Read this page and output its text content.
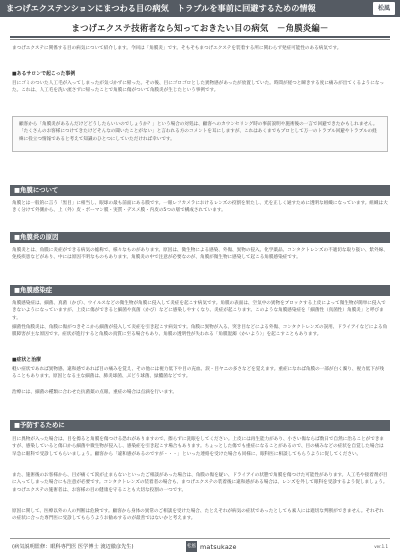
まつげエクステンションにまつわる目の病気　トラブルを事前に回避するための情報	松風
まつげエクステ技術者なら知っておきたい目の病気　－角膜炎編－
まつげエクステに関係する目の病気について紹介します。今回は「角膜炎」です。そもそもまつげエクステを装着する所に関わらず発症可能性のある病気です。
■あるサロンで起こった事例
目にゴミのついた人工毛が入ってしまったが気づかずに帰った。その後、目にゴロゴロとした異物感があったが放置していた。時間が経つと瞬きする度に痛みが出てくるようになった。これは、人工毛を洗い流さずに帰ったことで角膜に傷がついて角膜炎が生じたという事例です。
顧客から「角膜炎があるんだけどどうしたらいいのでしょうか？」という場合の対処は、顧客へのカウンセリング時の事前説明や施術後の一言で回避できたかもしれません。「たくさんのお客様につけてきたけどそんなの聞いたことがない」と言われる方のコメントを耳にしますが、これはあくまでもプロとして万一のトラブル回避やトラブルの経緯に役立つ情報であると考えて知識のひとつにしていただければ幸いです。
■角膜について
角膜とは一般的に言う「黒目」に相当し、眼球の最も前面にある膜です。一眼レフカメラにおけるレンズの役割を果たし、光を正しく通すために透明な組織になっています。組織は大きく分けて外側から、上（外）皮・ボーマン膜・実質・デスメ膜・内皮の5つの層で構成されています。
■角膜炎の原因
角膜炎とは、角膜に炎症ができる病気の総称で、様々なものがあります。原因は、微生物による感染、外傷、異物の侵入、化学薬品、コンタクトレンズの不適切な取り扱い、紫外線、免疫疾患などがあり、中には原因不明なものもあります。角膜炎の中で注意が必要なのが、角膜が微生物に感染して起こる角膜感染症です。
■角膜感染症
角膜感染症は、細菌、真菌（かび）、ウイルスなどの微生物が角膜に侵入して炎症を起こす病気です。角膜の表面は、空気中の異物をブロックする上皮によって微生物が簡単に侵入できないようになっていますが、上皮に傷ができると細菌や真菌（かび）などに感染しやすくなり、炎症が起こります。このような角膜感染症を「細菌性（真菌性）角膜炎」と呼びます。
細菌性角膜炎は、角膜に傷がつきそこから細菌が侵入して炎症を引き起こす病気です。角膜に異物が入る、突き目などによる外傷、コンタクトレンズの誤用、ドライアイなどによる角膜障害が主な原因です。症状が進行すると角膜の真質に至る場合もあり、角膜の透明性が失われる「角膜混濁（かいよう）」を起こすこともあります。
■症状と治療
軽い症状であれば異物感、違和感であれば目の痛みを覚え、その他には視力低下や目の充血、涙・目ヤニの多さなどを覚えます。重症になれば角膜の一部が白く濁り、視力低下が残ることもあります。原因となる主な細菌は、肺炎球菌、ぶどう球菌、緑膿菌などです。
治療には、細菌の種類に合わせた抗菌薬の点眼、重症の場合は点滴を行います。
■予防するために
目に異物が入った場合は、目を擦ると角膜を傷つける恐れがありますので、擦らずに洗眼をしてください。上皮には再生能力があり、小さい傷ならば数日で自然に治ることができますが、感染していると傷口から細菌や微生物が侵入し、感染症を引き起こす場合もあります。ちょっとした傷でも重症になることがあるので、目の痛みなどの症状を自覚した場合は早急に眼科で受診してもらいましょう。顧客から「違和感があるのですが・・・」といった連絡を受けた場合も同様に、眼科医に相談してもらうように促してください。
また、施術後のお客様から、目が痛くて涙が止まらないといったご相談があった場合は、角膜の傷を疑い、ドライアイの状態で角膜を傷つけた可能性があります。人工毛や接着剤が目に入ってしまった場合にも注意が必要です。コンタクトレンズの装着者の場合も、まつげエクステの装着後に違和感がある場合は、レンズを外して眼科を受診するよう促しましょう。まつげエクステの施術者は、お客様の目の健康を守ることも大切な役割の一つです。
原因に関して、医療以外の人の判断は危険です。顧客から身体の異常のご相談を受けた場合、たとえそれが病気の症状であったとしても素人には適切な判断ができません。それぞれの症状に合った専門医に受診してもらうようお勧めするのが最善ではないかと考えます。
(病気説明監修：眼科専門医 医学博士 渡辺徹彦先生)	松風 matsukaze	ver.1.1
